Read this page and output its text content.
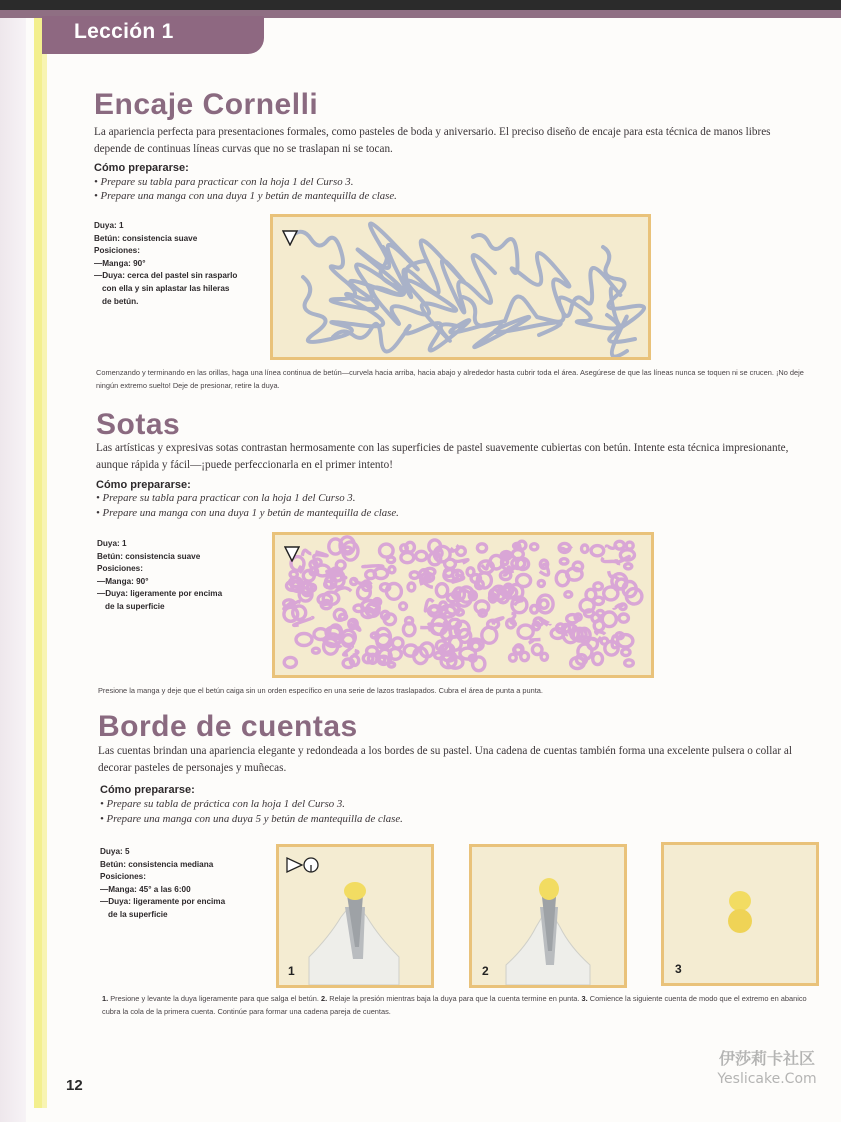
Lección 1
Encaje Cornelli
La apariencia perfecta para presentaciones formales, como pasteles de boda y aniversario. El preciso diseño de encaje para esta técnica de manos libres depende de continuas líneas curvas que no se traslapan ni se tocan.
Cómo prepararse:
• Prepare su tabla para practicar con la hoja 1 del Curso 3.
• Prepare una manga con una duya 1 y betún de mantequilla de clase.
Duya: 1
Betún: consistencia suave
Posiciones:
—Manga: 90°
—Duya: cerca del pastel sin rasparlo
con ella y sin aplastar las hileras
de betún.
Comenzando y terminando en las orillas, haga una línea continua de betún—curvela hacia arriba, hacia abajo y alrededor hasta cubrir toda el área. Asegúrese de que las líneas nunca se toquen ni se crucen. ¡No deje ningún extremo suelto! Deje de presionar, retire la duya.
Sotas
Las artísticas y expresivas sotas contrastan hermosamente con las superficies de pastel suavemente cubiertas con betún. Intente esta técnica impresionante, aunque rápida y fácil—¡puede perfeccionarla en el primer intento!
Cómo prepararse:
• Prepare su tabla para practicar con la hoja 1 del Curso 3.
• Prepare una manga con una duya 1 y betún de mantequilla de clase.
Duya: 1
Betún: consistencia suave
Posiciones:
—Manga: 90°
—Duya: ligeramente por encima
de la superficie
Presione la manga y deje que el betún caiga sin un orden específico en una serie de lazos traslapados. Cubra el área de punta a punta.
Borde de cuentas
Las cuentas brindan una apariencia elegante y redondeada a los bordes de su pastel. Una cadena de cuentas también forma una excelente pulsera o collar al decorar pasteles de personajes y muñecas.
Cómo prepararse:
• Prepare su tabla de práctica con la hoja 1 del Curso 3.
• Prepare una manga con una duya 5 y betún de mantequilla de clase.
Duya: 5
Betún: consistencia mediana
Posiciones:
—Manga: 45° a las 6:00
—Duya: ligeramente por encima
de la superficie
1	2	3
1. Presione y levante la duya ligeramente para que salga el betún. 2. Relaje la presión mientras baja la duya para que la cuenta termine en punta. 3. Comience la siguiente cuenta de modo que el extremo en abanico cubra la cola de la primera cuenta. Continúe para formar una cadena pareja de cuentas.
12
伊莎莉卡社区
Yeslicake.Com
